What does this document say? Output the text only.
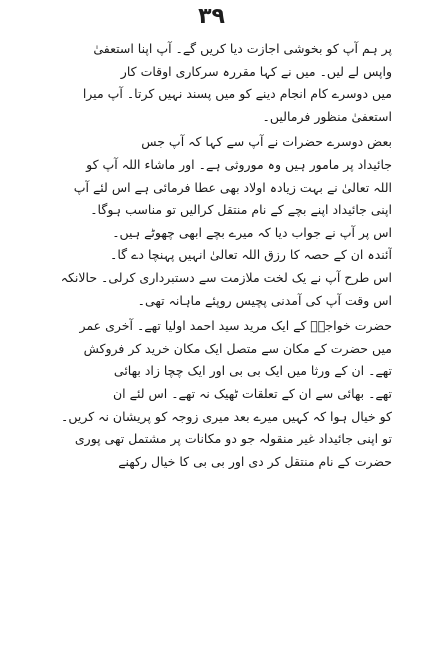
۳۹
پر ہم آپ کو بخوشی اجازت دیا کریں گے۔ آپ اپنا استعفیٰ
واپس لے لیں۔ میں نے کہا مقررہ سرکاری اوقات کار
میں دوسرے کام انجام دینے کو میں پسند نہیں کرتا۔ آپ میرا
استعفیٰ منظور فرمالیں۔
بعض دوسرے حضرات نے آپ سے کہا کہ آپ جس
جائیداد پر مامور ہیں وہ موروثی ہے۔ اور ماشاء اللہ آپ کو
اللہ تعالیٰ نے بہت زیادہ اولاد بھی عطا فرمائی ہے اس لئے آپ
اپنی جائیداد اپنے بچے کے نام منتقل کرالیں تو مناسب ہوگا۔
اس پر آپ نے جواب دیا کہ میرے بچے ابھی چھوٹے ہیں۔
آئندہ ان کے حصہ کا رزق اللہ تعالیٰ انہیں پہنچا دے گا۔
اس طرح آپ نے یک لخت ملازمت سے دستبرداری کرلی۔ حالانکہ
اس وقت آپ کی آمدنی پچیس روپئے ماہانہ تھی۔
حضرت خواجہؒ کے ایک مرید سید احمد اولیا تھے۔ آخری عمر
میں حضرت کے مکان سے متصل ایک مکان خرید کر فروکش
تھے۔ ان کے ورثا میں ایک بی بی اور ایک چچا زاد بھائی
تھے۔ بھائی سے ان کے تعلقات ٹھیک نہ تھے۔ اس لئے ان
کو خیال ہوا کہ کہیں میرے بعد میری زوجہ کو پریشان نہ کریں۔
تو اپنی جائیداد غیر منقولہ جو دو مکانات پر مشتمل تھی پوری
حضرت کے نام منتقل کر دی اور بی بی کا خیال رکھنے
